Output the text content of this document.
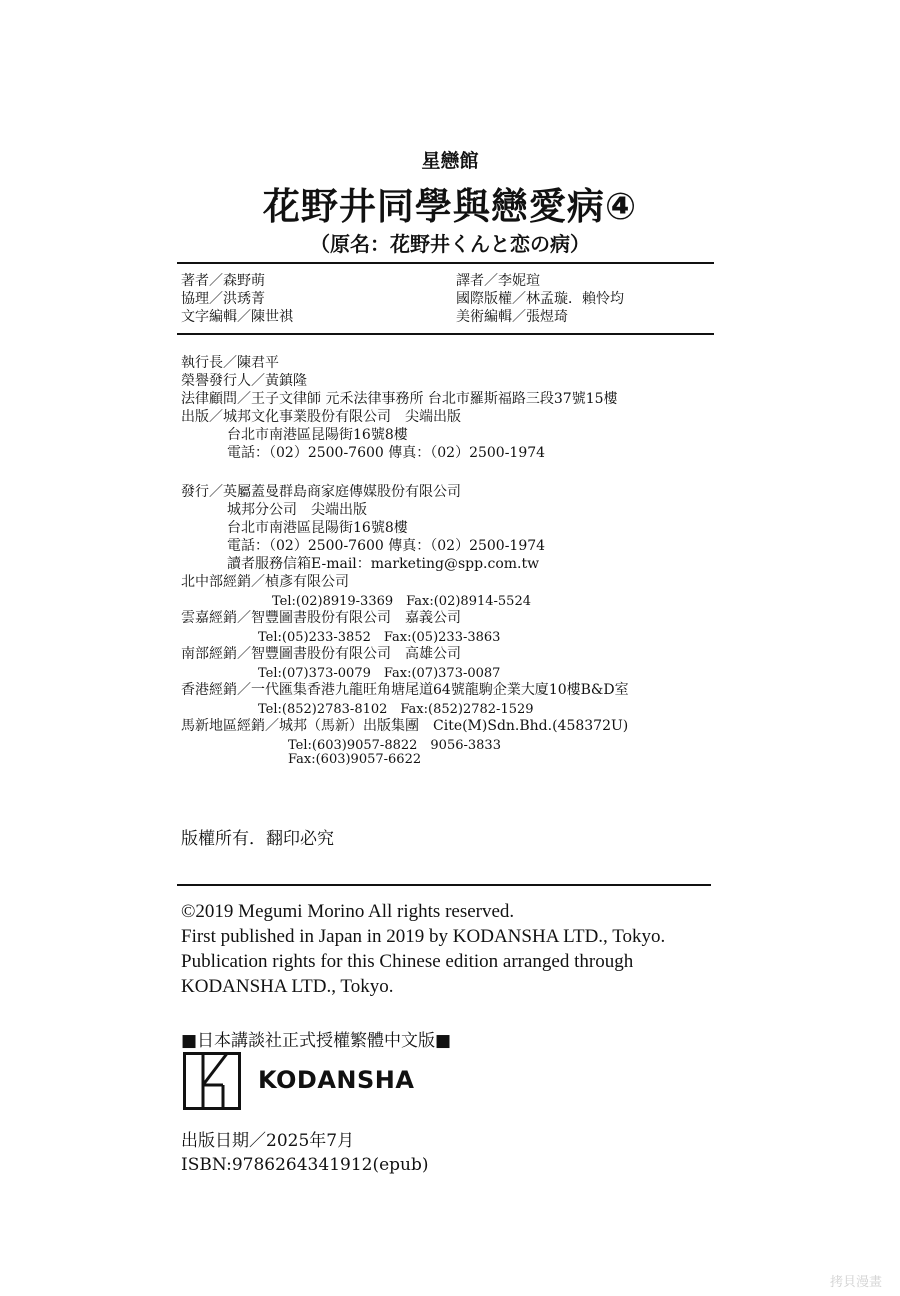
星戀館
花野井同學與戀愛病④
（原名：花野井くんと恋の病）
著者／森野萌
協理／洪琇菁
文字編輯／陳世祺
譯者／李妮瑄
國際版權／林孟璇．賴怜均
美術編輯／張煜琦
執行長／陳君平
榮譽發行人／黃鎮隆
法律顧問／王子文律師 元禾法律事務所 台北市羅斯福路三段37號15樓
出版／城邦文化事業股份有限公司　尖端出版
台北市南港區昆陽街16號8樓
電話：（02）2500-7600 傳真：（02）2500-1974
發行／英屬蓋曼群島商家庭傳媒股份有限公司
城邦分公司　尖端出版
台北市南港區昆陽街16號8樓
電話：（02）2500-7600 傳真：（02）2500-1974
讀者服務信箱E-mail：marketing@spp.com.tw
北中部經銷／楨彥有限公司
Tel:(02)8919-3369　Fax:(02)8914-5524
雲嘉經銷／智豐圖書股份有限公司　嘉義公司
Tel:(05)233-3852　Fax:(05)233-3863
南部經銷／智豐圖書股份有限公司　高雄公司
Tel:(07)373-0079　Fax:(07)373-0087
香港經銷／一代匯集香港九龍旺角塘尾道64號龍駒企業大廈10樓B&D室
Tel:(852)2783-8102　Fax:(852)2782-1529
馬新地區經銷／城邦（馬新）出版集團　Cite(M)Sdn.Bhd.(458372U)
Tel:(603)9057-8822　9056-3833
Fax:(603)9057-6622
版權所有．翻印必究
©2019 Megumi Morino All rights reserved.
First published in Japan in 2019 by KODANSHA LTD., Tokyo.
Publication rights for this Chinese edition arranged through
KODANSHA LTD., Tokyo.
■日本講談社正式授權繁體中文版■
KODANSHA
出版日期／2025年7月
ISBN:9786264341912(epub)
拷貝漫畫
